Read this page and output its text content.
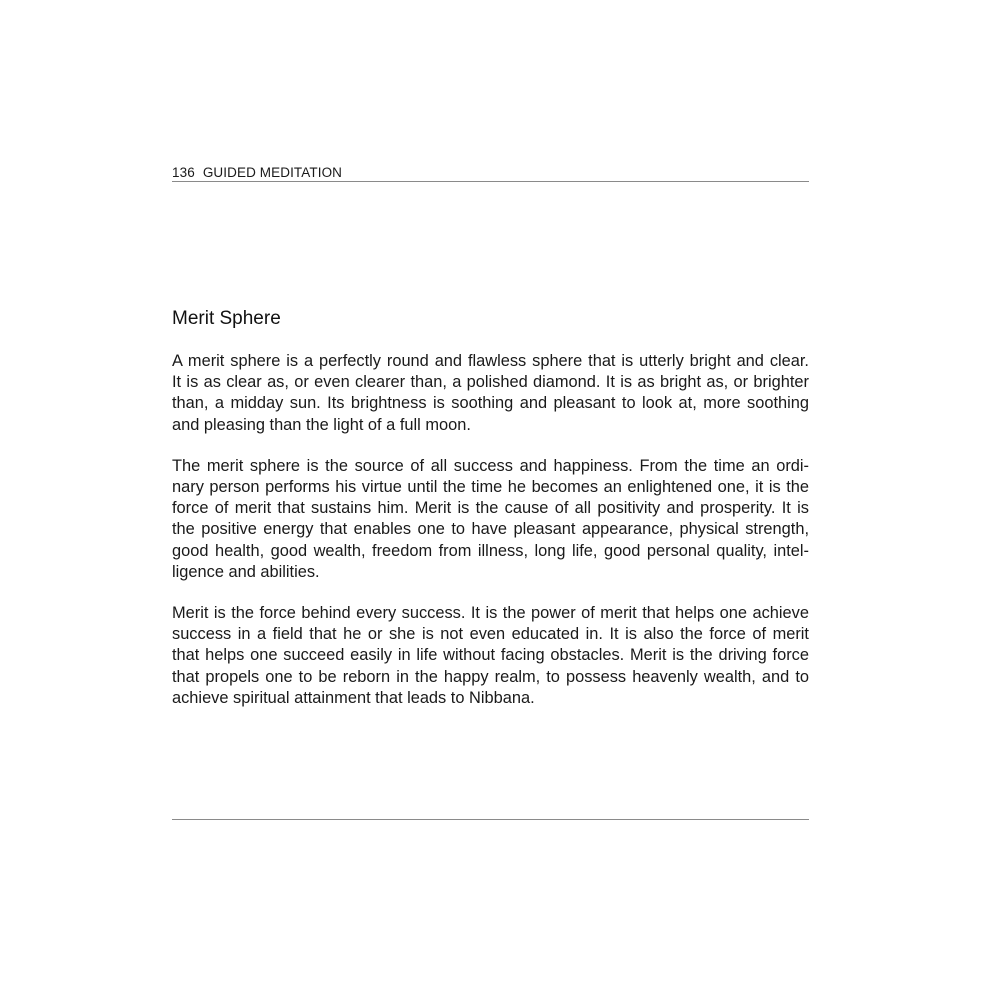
136 GUIDED MEDITATION
Merit Sphere

A merit sphere is a perfectly round and flawless sphere that is utterly bright and clear.
It is as clear as, or even clearer than, a polished diamond. It is as bright as, or brighter
than, a midday sun. Its brightness is soothing and pleasant to look at, more soothing
and pleasing than the light of a full moon.

The merit sphere is the source of all success and happiness. From the time an ordi-
nary person performs his virtue until the time he becomes an enlightened one, it is the
force of merit that sustains him. Merit is the cause of all positivity and prosperity. It is
the positive energy that enables one to have pleasant appearance, physical strength,
good health, good wealth, freedom from illness, long life, good personal quality, intel-
ligence and abilities.

Merit is the force behind every success. It is the power of merit that helps one achieve
success in a field that he or she is not even educated in. It is also the force of merit
that helps one succeed easily in life without facing obstacles. Merit is the driving force
that propels one to be reborn in the happy realm, to possess heavenly wealth, and to
achieve spiritual attainment that leads to Nibbana.
